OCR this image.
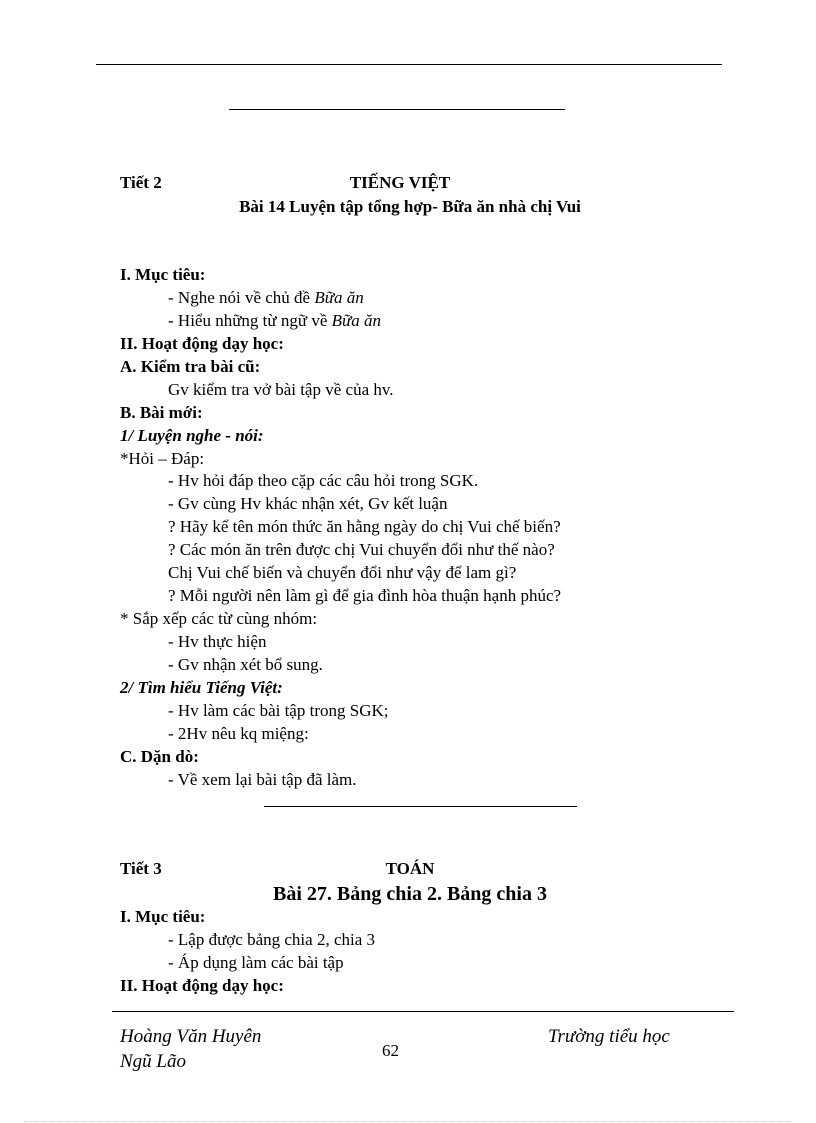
Tiết 2	TIẾNG VIỆT
Bài 14 Luyện tập tổng hợp- Bữa ăn nhà chị Vui
I. Mục tiêu:
- Nghe nói về chủ đề Bữa ăn
- Hiểu những từ ngữ về Bữa ăn
II. Hoạt động dạy học:
A. Kiểm tra bài cũ:
Gv kiểm tra vở bài tập về của hv.
B. Bài mới:
1/ Luyện nghe - nói:
*Hỏi – Đáp:
- Hv hỏi đáp theo cặp các câu hỏi trong SGK.
- Gv cùng Hv khác nhận xét, Gv kết luận
? Hãy kể tên món thức ăn hằng ngày do chị Vui chế biến?
? Các món ăn trên được chị Vui chuyển đổi như thế nào?
Chị Vui chế biến và chuyển đổi như vậy để lam gì?
? Mỗi người nên làm gì để gia đình hòa thuận hạnh phúc?
* Sắp xếp các từ cùng nhóm:
- Hv thực hiện
- Gv nhận xét bổ sung.
2/ Tìm hiểu Tiếng Việt:
- Hv làm các bài tập trong SGK;
- 2Hv nêu kq miệng:
C. Dặn dò:
- Về xem lại bài tập đã làm.
Tiết 3	TOÁN
Bài 27. Bảng chia 2. Bảng chia 3
I. Mục tiêu:
- Lập được bảng chia 2, chia 3
- Áp dụng làm các bài tập
II. Hoạt động dạy học:
Hoàng Văn Huyên
Ngũ Lão
62
Trường tiểu học
